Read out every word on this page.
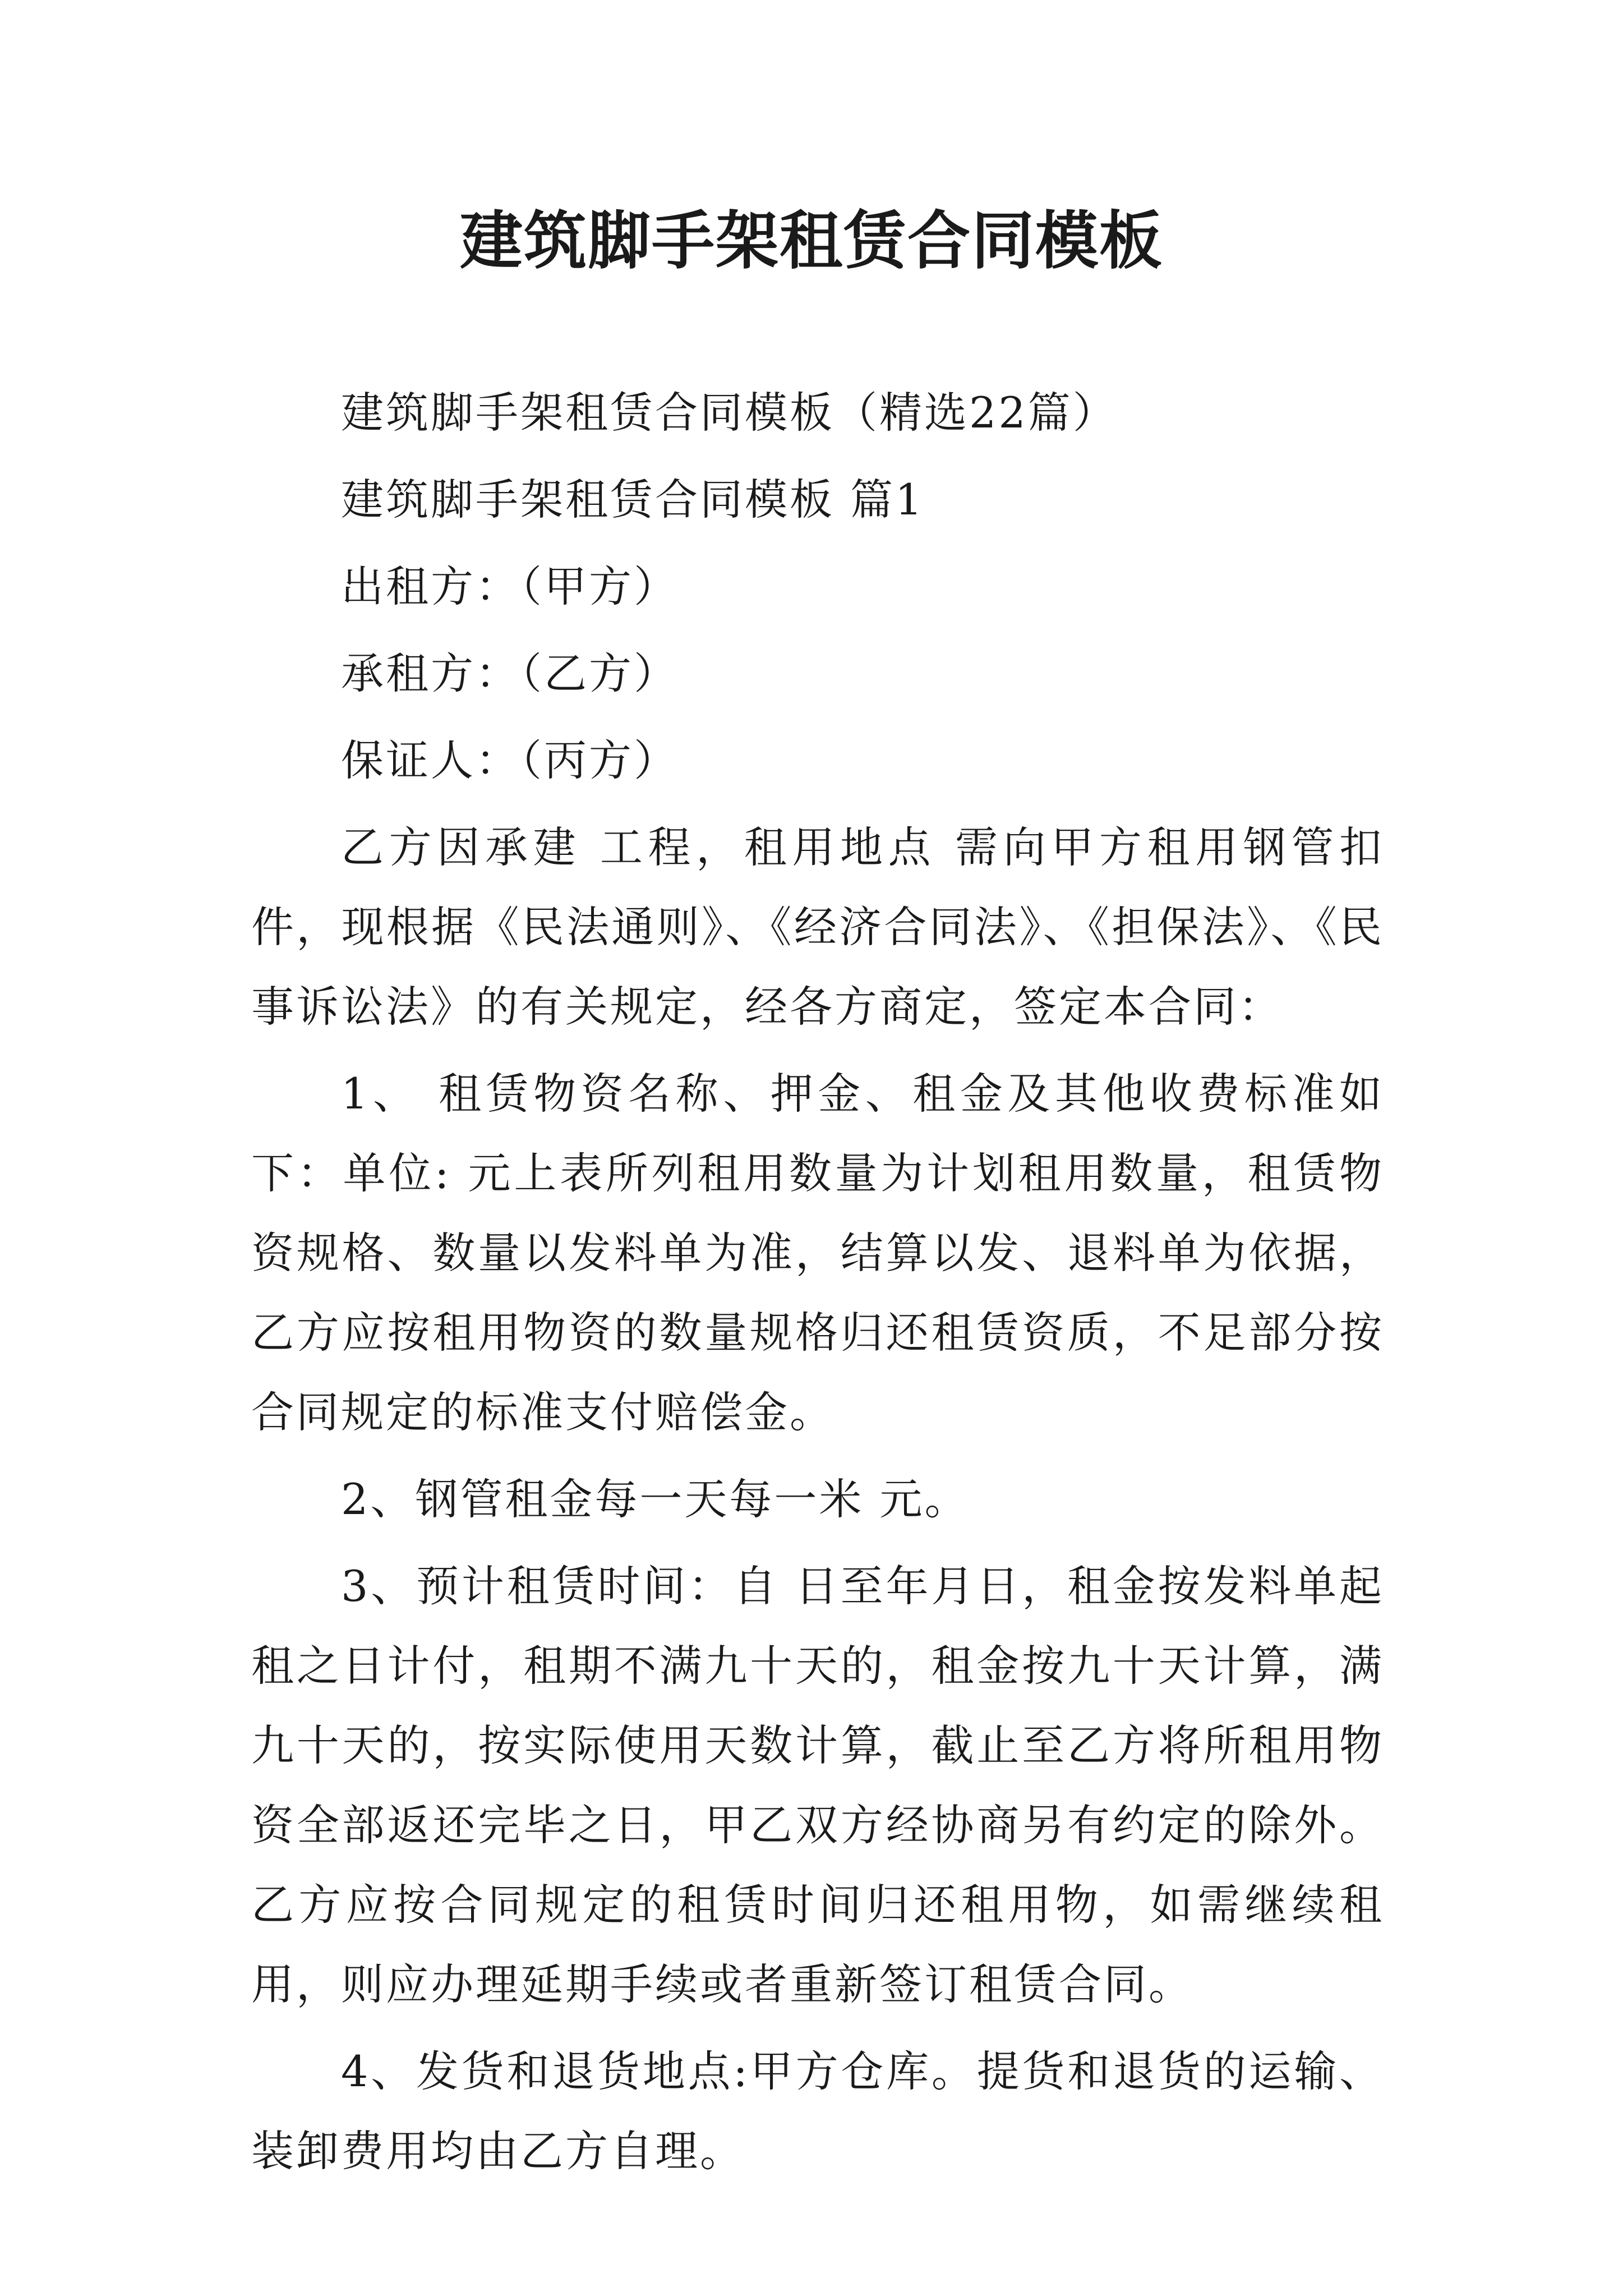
建筑脚手架租赁合同模板

建筑脚手架租赁合同模板（精选22篇）

建筑脚手架租赁合同模板 篇1

出租方：（甲方）

承租方：（乙方）

保证人：（丙方）

乙方因承建 工程，租用地点 需向甲方租用钢管扣件，现根据《民法通则》、《经济合同法》、《担保法》、《民事诉讼法》的有关规定，经各方商定，签定本合同：

1、 租赁物资名称、押金、租金及其他收费标准如下：单位: 元上表所列租用数量为计划租用数量，租赁物资规格、数量以发料单为准，结算以发、退料单为依据，乙方应按租用物资的数量规格归还租赁资质，不足部分按合同规定的标准支付赔偿金。

2、钢管租金每一天每一米 元。

3、预计租赁时间：自 日至年月日，租金按发料单起租之日计付，租期不满九十天的，租金按九十天计算，满九十天的，按实际使用天数计算，截止至乙方将所租用物资全部返还完毕之日，甲乙双方经协商另有约定的除外。乙方应按合同规定的租赁时间归还租用物，如需继续租用，则应办理延期手续或者重新签订租赁合同。

4、发货和退货地点:甲方仓库。提货和退货的运输、装卸费用均由乙方自理。
